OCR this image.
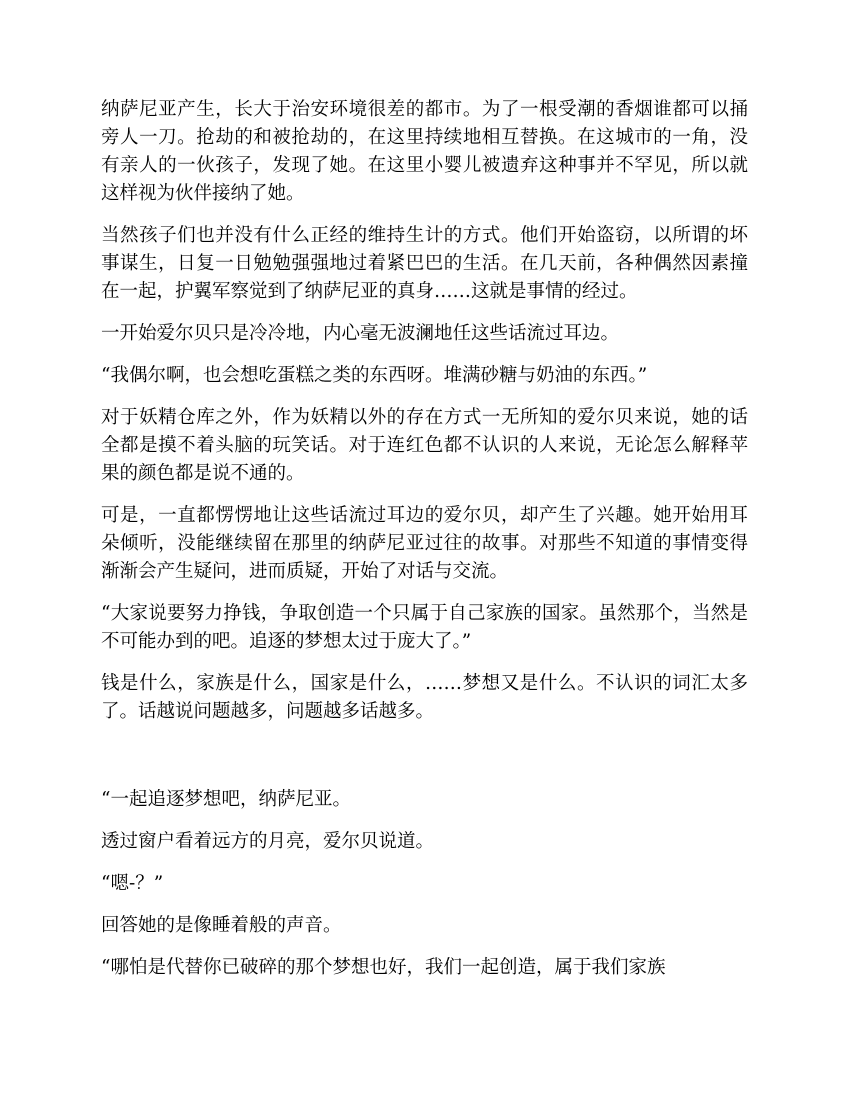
纳萨尼亚产生，长大于治安环境很差的都市。为了一根受潮的香烟谁都可以捅旁人一刀。抢劫的和被抢劫的，在这里持续地相互替换。在这城市的一角，没有亲人的一伙孩子，发现了她。在这里小婴儿被遗弃这种事并不罕见，所以就这样视为伙伴接纳了她。

当然孩子们也并没有什么正经的维持生计的方式。他们开始盗窃，以所谓的坏事谋生，日复一日勉勉强强地过着紧巴巴的生活。在几天前，各种偶然因素撞在一起，护翼军察觉到了纳萨尼亚的真身……这就是事情的经过。

一开始爱尔贝只是冷冷地，内心毫无波澜地任这些话流过耳边。

“我偶尔啊，也会想吃蛋糕之类的东西呀。堆满砂糖与奶油的东西。”

对于妖精仓库之外，作为妖精以外的存在方式一无所知的爱尔贝来说，她的话全都是摸不着头脑的玩笑话。对于连红色都不认识的人来说，无论怎么解释苹果的颜色都是说不通的。

可是，一直都愣愣地让这些话流过耳边的爱尔贝，却产生了兴趣。她开始用耳朵倾听，没能继续留在那里的纳萨尼亚过往的故事。对那些不知道的事情变得渐渐会产生疑问，进而质疑，开始了对话与交流。

“大家说要努力挣钱，争取创造一个只属于自己家族的国家。虽然那个，当然是不可能办到的吧。追逐的梦想太过于庞大了。”

钱是什么，家族是什么，国家是什么，……梦想又是什么。不认识的词汇太多了。话越说问题越多，问题越多话越多。

“一起追逐梦想吧，纳萨尼亚。

透过窗户看着远方的月亮，爱尔贝说道。

“嗯-？”

回答她的是像睡着般的声音。

“哪怕是代替你已破碎的那个梦想也好，我们一起创造，属于我们家族
